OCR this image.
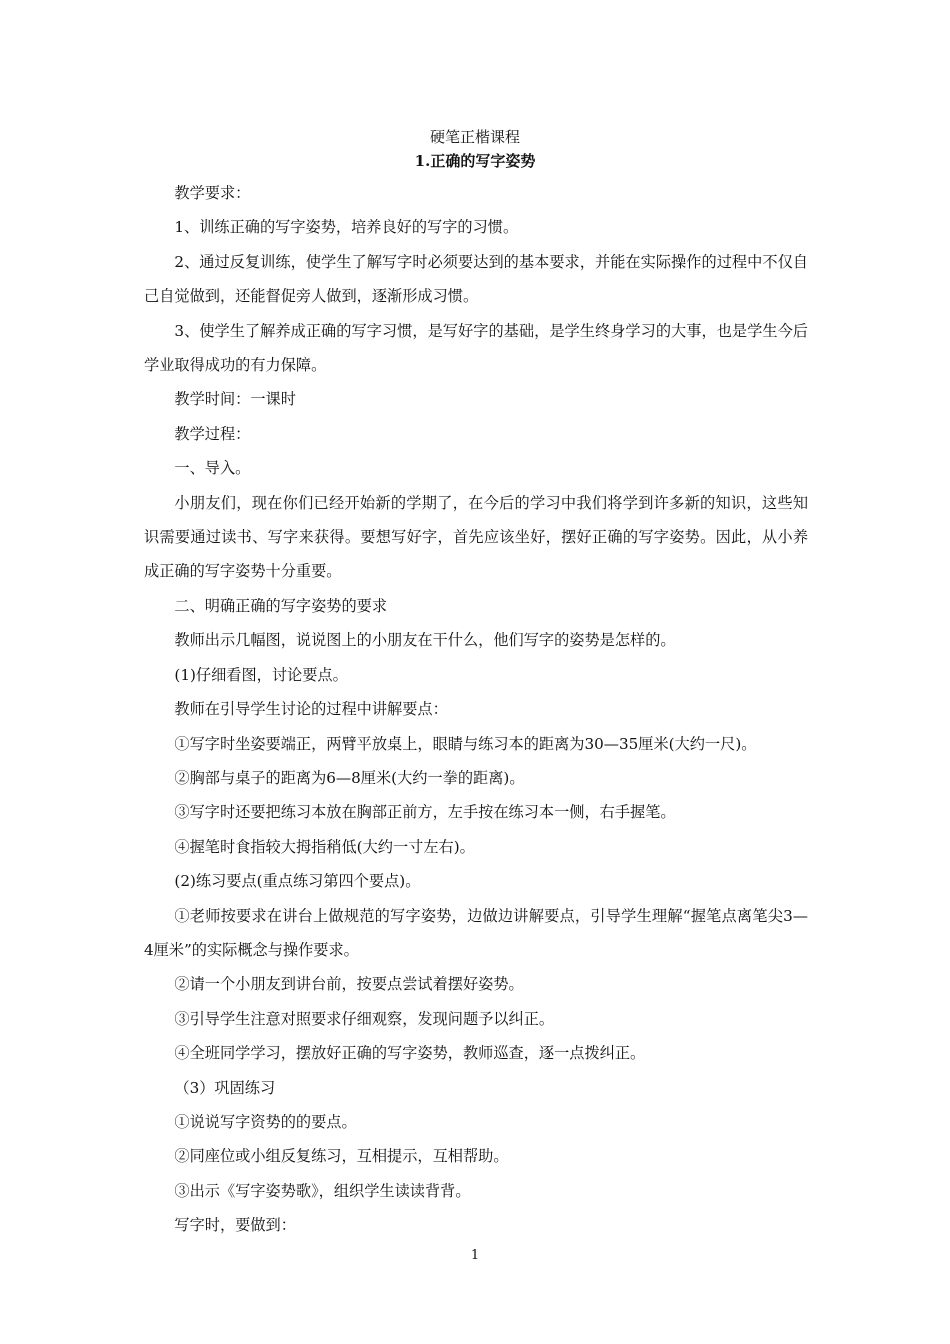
硬笔正楷课程
1.正确的写字姿势

教学要求：

1、训练正确的写字姿势，培养良好的写字的习惯。

2、通过反复训练，使学生了解写字时必须要达到的基本要求，并能在实际操作的过程中不仅自己自觉做到，还能督促旁人做到，逐渐形成习惯。

3、使学生了解养成正确的写字习惯，是写好字的基础，是学生终身学习的大事，也是学生今后学业取得成功的有力保障。

教学时间：一课时

教学过程：

一、导入。

小朋友们，现在你们已经开始新的学期了，在今后的学习中我们将学到许多新的知识，这些知识需要通过读书、写字来获得。要想写好字，首先应该坐好，摆好正确的写字姿势。因此，从小养成正确的写字姿势十分重要。

二、明确正确的写字姿势的要求

教师出示几幅图，说说图上的小朋友在干什么，他们写字的姿势是怎样的。

(1)仔细看图，讨论要点。

教师在引导学生讨论的过程中讲解要点：

①写字时坐姿要端正，两臂平放桌上，眼睛与练习本的距离为30—35厘米(大约一尺)。

②胸部与桌子的距离为6—8厘米(大约一拳的距离)。

③写字时还要把练习本放在胸部正前方，左手按在练习本一侧，右手握笔。

④握笔时食指较大拇指稍低(大约一寸左右)。

(2)练习要点(重点练习第四个要点)。

①老师按要求在讲台上做规范的写字姿势，边做边讲解要点，引导学生理解“握笔点离笔尖3—4厘米”的实际概念与操作要求。

②请一个小朋友到讲台前，按要点尝试着摆好姿势。

③引导学生注意对照要求仔细观察，发现问题予以纠正。

④全班同学学习，摆放好正确的写字姿势，教师巡查，逐一点拨纠正。

（3）巩固练习

①说说写字资势的的要点。

②同座位或小组反复练习，互相提示，互相帮助。

③出示《写字姿势歌》，组织学生读读背背。

写字时，要做到：

1
